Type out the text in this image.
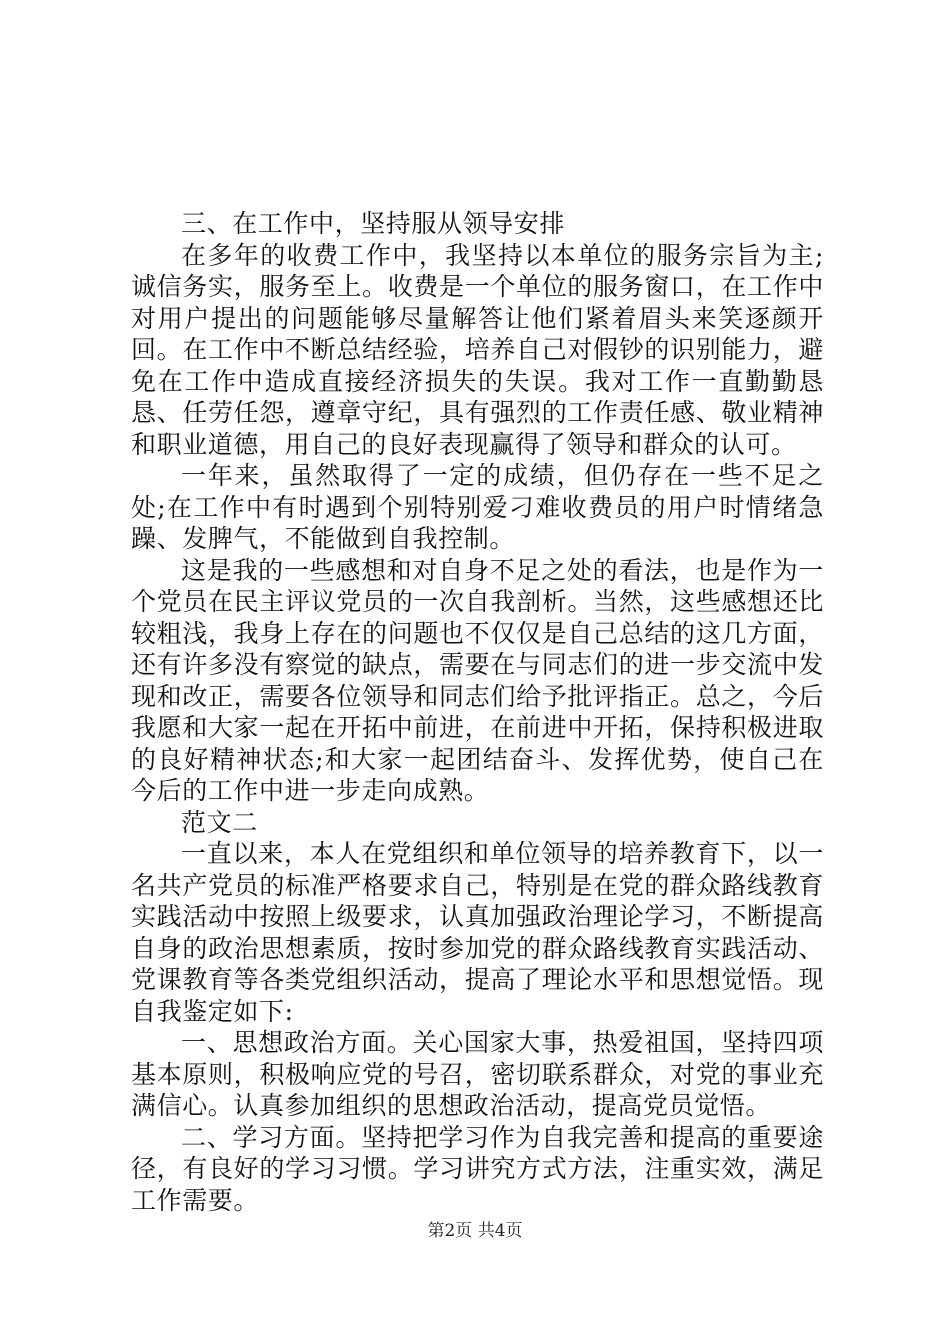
三、在工作中，坚持服从领导安排

在多年的收费工作中，我坚持以本单位的服务宗旨为主;诚信务实，服务至上。收费是一个单位的服务窗口，在工作中对用户提出的问题能够尽量解答让他们紧着眉头来笑逐颜开回。在工作中不断总结经验，培养自己对假钞的识别能力，避免在工作中造成直接经济损失的失误。我对工作一直勤勤恳恳、任劳任怨，遵章守纪，具有强烈的工作责任感、敬业精神和职业道德，用自己的良好表现赢得了领导和群众的认可。

一年来，虽然取得了一定的成绩，但仍存在一些不足之处;在工作中有时遇到个别特别爱刁难收费员的用户时情绪急躁、发脾气，不能做到自我控制。

这是我的一些感想和对自身不足之处的看法，也是作为一个党员在民主评议党员的一次自我剖析。当然，这些感想还比较粗浅，我身上存在的问题也不仅仅是自己总结的这几方面，还有许多没有察觉的缺点，需要在与同志们的进一步交流中发现和改正，需要各位领导和同志们给予批评指正。总之，今后我愿和大家一起在开拓中前进，在前进中开拓，保持积极进取的良好精神状态;和大家一起团结奋斗、发挥优势，使自己在今后的工作中进一步走向成熟。

范文二

一直以来，本人在党组织和单位领导的培养教育下，以一名共产党员的标准严格要求自己，特别是在党的群众路线教育实践活动中按照上级要求，认真加强政治理论学习，不断提高自身的政治思想素质，按时参加党的群众路线教育实践活动、党课教育等各类党组织活动，提高了理论水平和思想觉悟。现自我鉴定如下:

一、思想政治方面。关心国家大事，热爱祖国，坚持四项基本原则，积极响应党的号召，密切联系群众，对党的事业充满信心。认真参加组织的思想政治活动，提高党员觉悟。

二、学习方面。坚持把学习作为自我完善和提高的重要途径，有良好的学习习惯。学习讲究方式方法，注重实效，满足工作需要。

第2页 共4页
